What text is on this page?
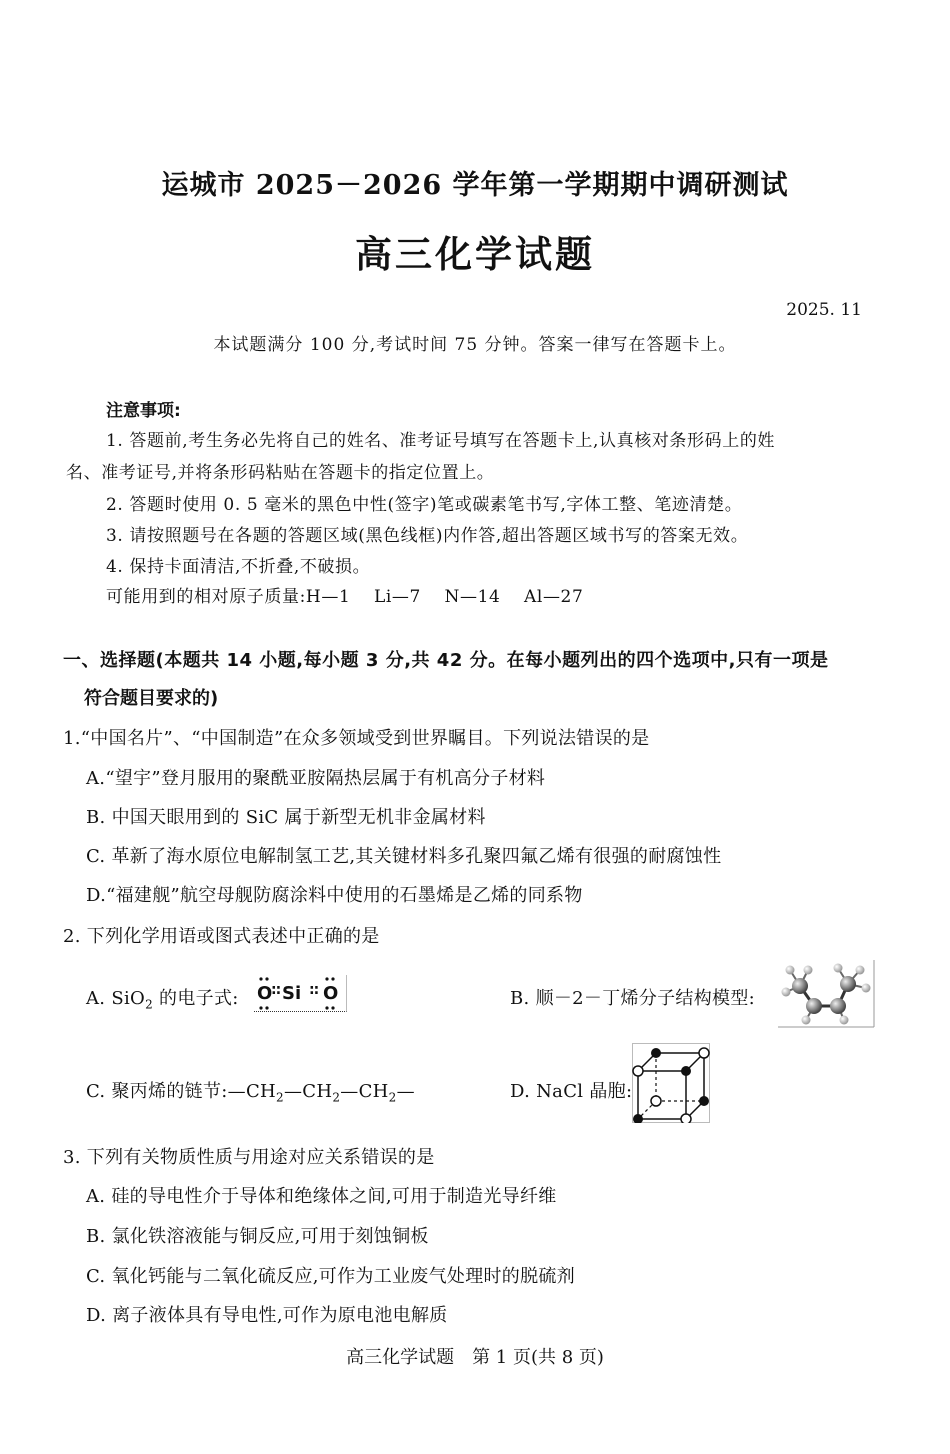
运城市 2025－2026 学年第一学期期中调研测试
高三化学试题
2025. 11
本试题满分 100 分,考试时间 75 分钟。答案一律写在答题卡上。
注意事项:
1. 答题前,考生务必先将自己的姓名、准考证号填写在答题卡上,认真核对条形码上的姓
名、准考证号,并将条形码粘贴在答题卡的指定位置上。
2. 答题时使用 0. 5 毫米的黑色中性(签字)笔或碳素笔书写,字体工整、笔迹清楚。
3. 请按照题号在各题的答题区域(黑色线框)内作答,超出答题区域书写的答案无效。
4. 保持卡面清洁,不折叠,不破损。
可能用到的相对原子质量:H—1　 Li—7　 N—14　 Al—27
一、选择题(本题共 14 小题,每小题 3 分,共 42 分。在每小题列出的四个选项中,只有一项是
符合题目要求的)
1.“中国名片”、“中国制造”在众多领域受到世界瞩目。下列说法错误的是
A.“望宇”登月服用的聚酰亚胺隔热层属于有机高分子材料
B. 中国天眼用到的 SiC 属于新型无机非金属材料
C. 革新了海水原位电解制氢工艺,其关键材料多孔聚四氟乙烯有很强的耐腐蚀性
D.“福建舰”航空母舰防腐涂料中使用的石墨烯是乙烯的同系物
2. 下列化学用语或图式表述中正确的是
A. SiO$_2$ 的电子式: O
:: Si :: O	B. 顺－2－丁烯分子结构模型:
C. 聚丙烯的链节$:—CH_2—CH_2—CH_2—$	D. NaCl 晶胞:
3. 下列有关物质性质与用途对应关系错误的是
A. 硅的导电性介于导体和绝缘体之间,可用于制造光导纤维
B. 氯化铁溶液能与铜反应,可用于刻蚀铜板
C. 氧化钙能与二氧化硫反应,可作为工业废气处理时的脱硫剂
D. 离子液体具有导电性,可作为原电池电解质
高三化学试题　第 1 页(共 8 页)
